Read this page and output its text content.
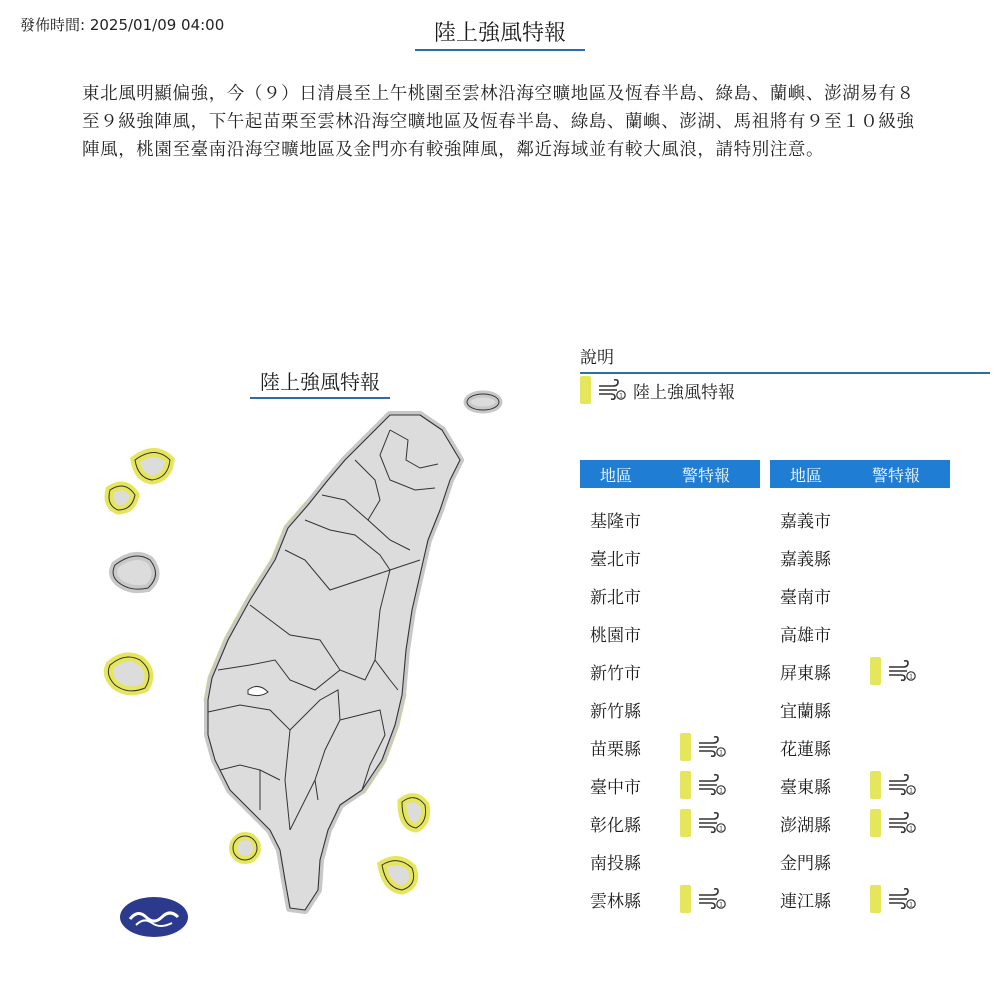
發佈時間: 2025/01/09 04:00	陸上強風特報
東北風明顯偏強，今（９）日清晨至上午桃園至雲林沿海空曠地區及恆春半島、綠島、蘭嶼、澎湖易有８至９級強陣風，下午起苗栗至雲林沿海空曠地區及恆春半島、綠島、蘭嶼、澎湖、馬祖將有９至１０級強陣風，桃園至臺南沿海空曠地區及金門亦有較強陣風，鄰近海域並有較大風浪，請特別注意。
陸上強風特報
說明
1 陸上強風特報
地區	警特報
基隆市
臺北市
新北市
桃園市
新竹市
新竹縣
苗栗縣	1
臺中市	1
彰化縣	1
南投縣
雲林縣	1
地區	警特報
嘉義市
嘉義縣
臺南市
高雄市
屏東縣	1
宜蘭縣
花蓮縣
臺東縣	1
澎湖縣	1
金門縣
連江縣	1
